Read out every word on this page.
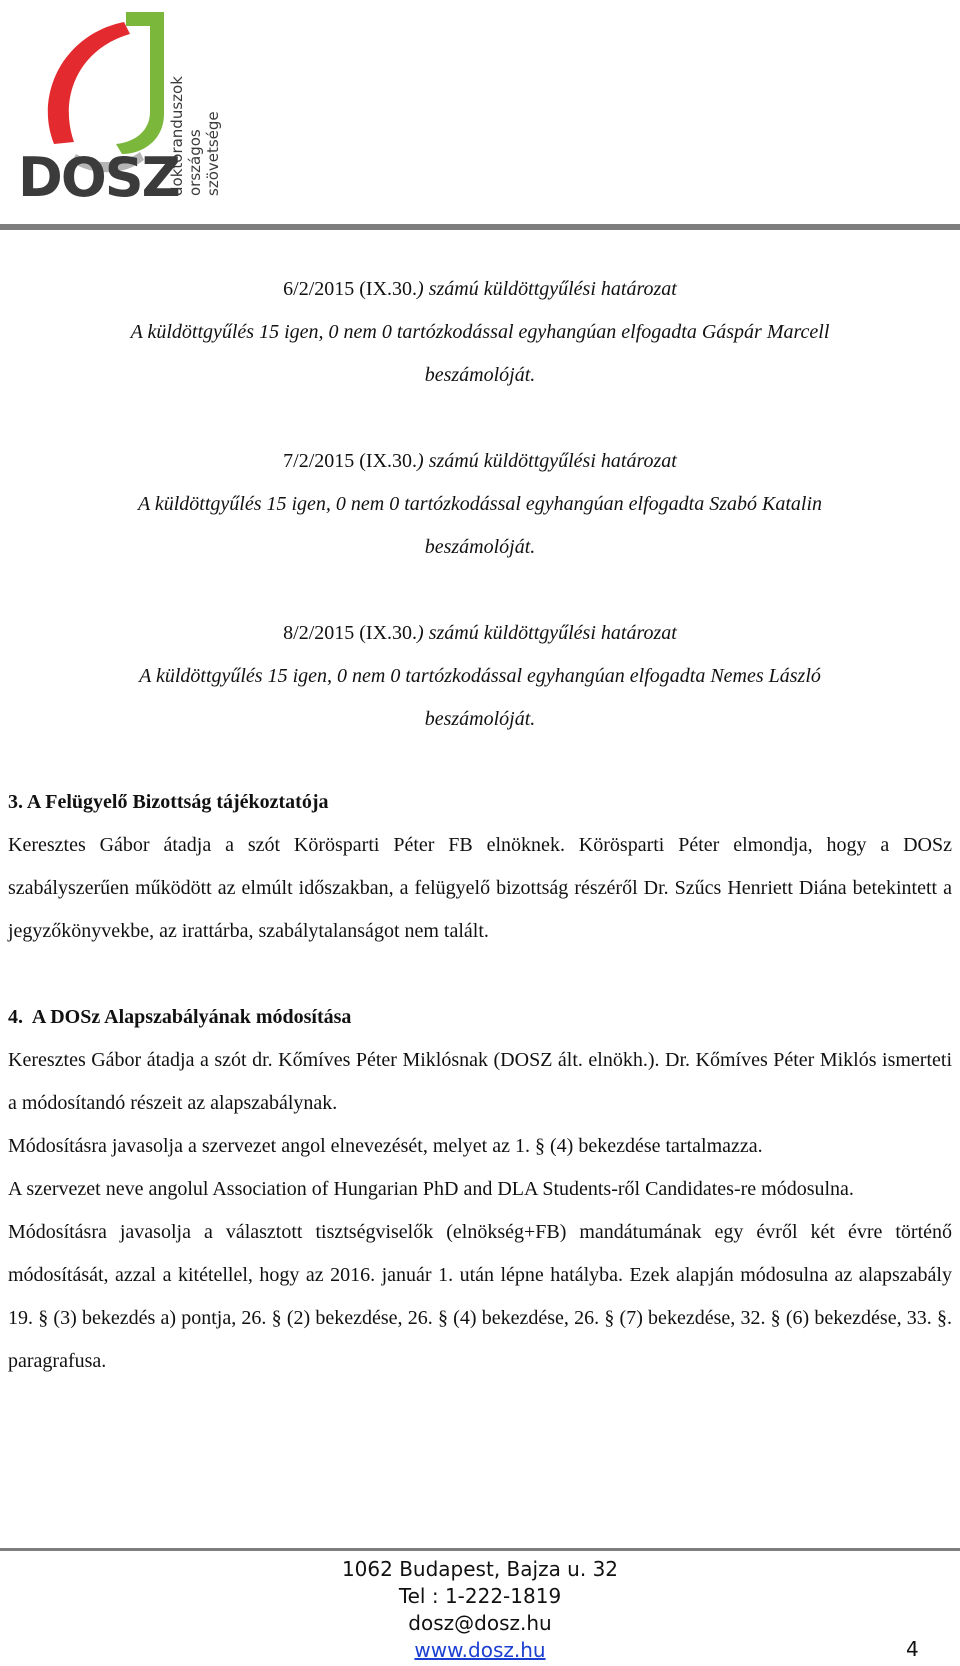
DOSZ
doktoranduszok országos szövetsége
6/2/2015 (IX.30.) számú küldöttgyűlési határozat
A küldöttgyűlés 15 igen, 0 nem 0 tartózkodással egyhangúan elfogadta Gáspár Marcell
beszámolóját.
7/2/2015 (IX.30.) számú küldöttgyűlési határozat
A küldöttgyűlés 15 igen, 0 nem 0 tartózkodással egyhangúan elfogadta Szabó Katalin
beszámolóját.
8/2/2015 (IX.30.) számú küldöttgyűlési határozat
A küldöttgyűlés 15 igen, 0 nem 0 tartózkodással egyhangúan elfogadta Nemes László
beszámolóját.
3. A Felügyelő Bizottság tájékoztatója

Keresztes Gábor átadja a szót Körösparti Péter FB elnöknek. Körösparti Péter elmondja, hogy a DOSz szabályszerűen működött az elmúlt időszakban, a felügyelő bizottság részéről Dr. Szűcs Henriett Diána betekintett a jegyzőkönyvekbe, az irattárba, szabálytalanságot nem talált.

4.  A DOSz Alapszabályának módosítása

Keresztes Gábor átadja a szót dr. Kőmíves Péter Miklósnak (DOSZ ált. elnökh.). Dr. Kőmíves Péter Miklós ismerteti a módosítandó részeit az alapszabálynak.

Módosításra javasolja a szervezet angol elnevezését, melyet az 1. § (4) bekezdése tartalmazza.

A szervezet neve angolul Association of Hungarian PhD and DLA Students-ről Candidates-re módosulna.

Módosításra javasolja a választott tisztségviselők (elnökség+FB) mandátumának egy évről két évre történő módosítását, azzal a kitétellel, hogy az 2016. január 1. után lépne hatályba. Ezek alapján módosulna az alapszabály 19. § (3) bekezdés a) pontja, 26. § (2) bekezdése, 26. § (4) bekezdése, 26. § (7) bekezdése, 32. § (6) bekezdése, 33. §. paragrafusa.

1062 Budapest, Bajza u. 32
Tel : 1-222-1819
dosz@dosz.hu
www.dosz.hu	4
